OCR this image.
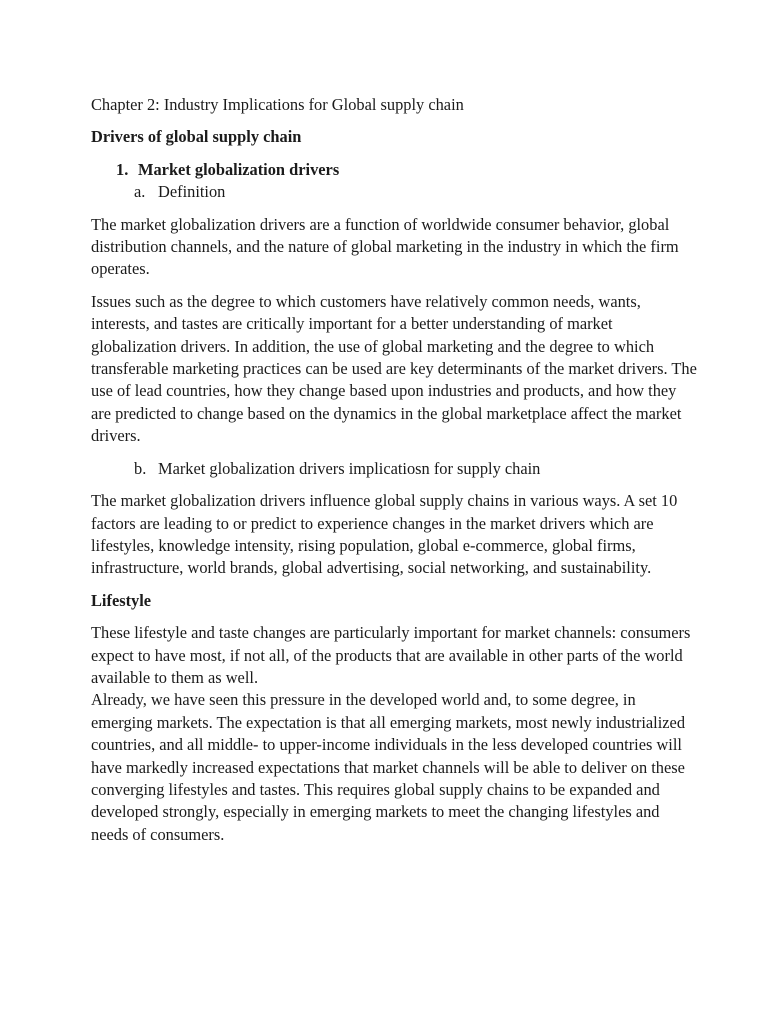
Chapter 2: Industry Implications for Global supply chain

Drivers of global supply chain

1. Market globalization drivers
a. Definition

The market globalization drivers are a function of worldwide consumer behavior, global distribution channels, and the nature of global marketing in the industry in which the firm operates.

Issues such as the degree to which customers have relatively common needs, wants, interests, and tastes are critically important for a better understanding of market globalization drivers. In addition, the use of global marketing and the degree to which transferable marketing practices can be used are key determinants of the market drivers. The use of lead countries, how they change based upon industries and products, and how they are predicted to change based on the dynamics in the global marketplace affect the market drivers.

b. Market globalization drivers implicatiosn for supply chain

The market globalization drivers influence global supply chains in various ways. A set 10 factors are leading to or predict to experience changes in the market drivers which are lifestyles, knowledge intensity, rising population, global e-commerce, global firms, infrastructure, world brands, global advertising, social networking, and sustainability.

Lifestyle

These lifestyle and taste changes are particularly important for market channels: consumers expect to have most, if not all, of the products that are available in other parts of the world available to them as well.

Already, we have seen this pressure in the developed world and, to some degree, in emerging markets. The expectation is that all emerging markets, most newly industrialized countries, and all middle- to upper-income individuals in the less developed countries will have markedly increased expectations that market channels will be able to deliver on these converging lifestyles and tastes. This requires global supply chains to be expanded and developed strongly, especially in emerging markets to meet the changing lifestyles and needs of consumers.
